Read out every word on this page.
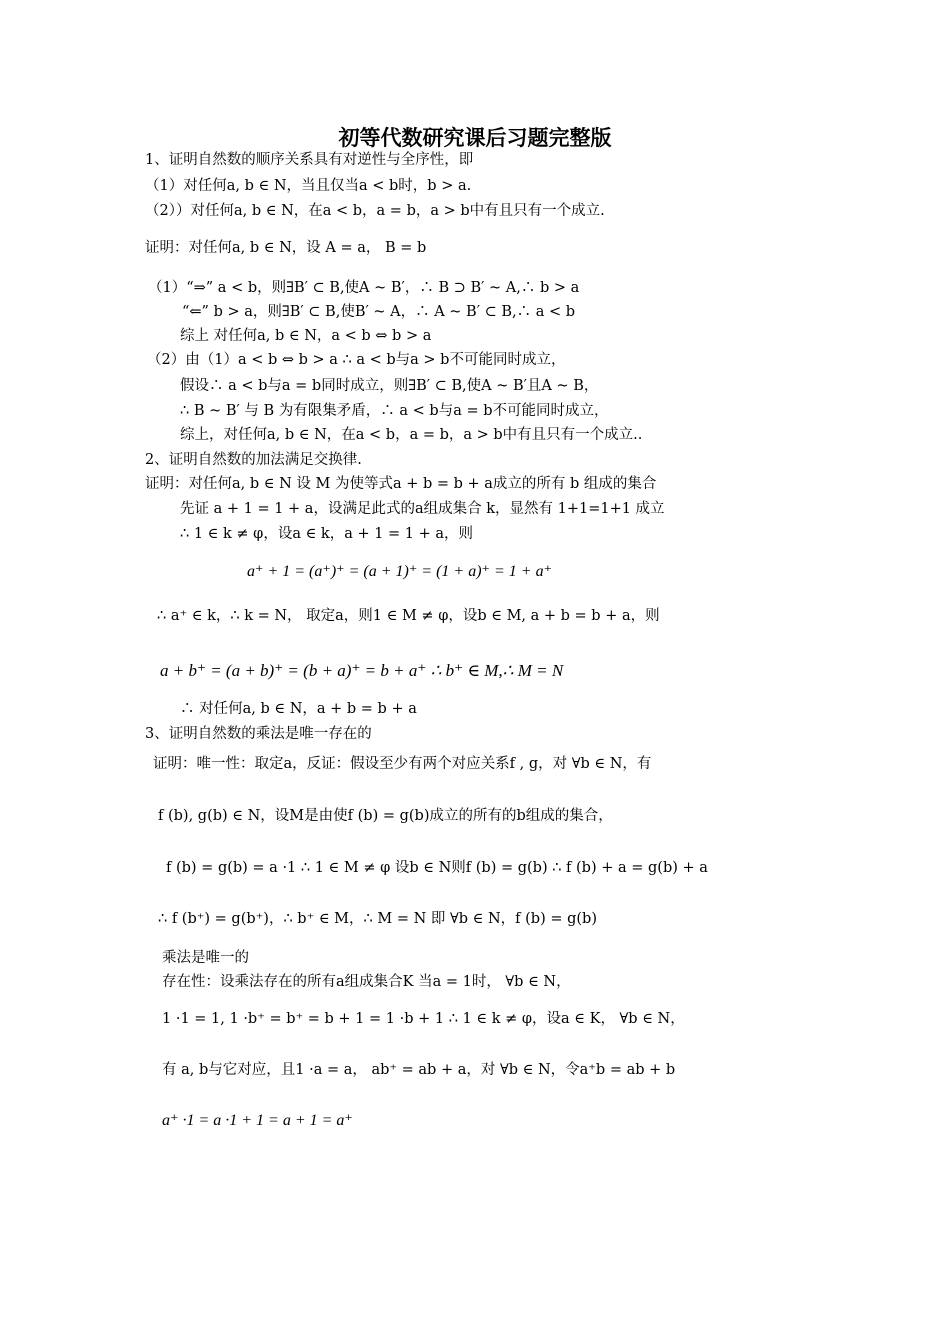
初等代数研究课后习题完整版
1、证明自然数的顺序关系具有对逆性与全序性，即
（1）对任何a, b ∈ N，当且仅当a < b时，b > a.
（2））对任何a, b ∈ N，在a < b，a = b，a > b中有且只有一个成立.
证明：对任何a, b ∈ N，设 A = a， B = b
（1）“⇒” a < b，则∃B′ ⊂ B,使A ~ B′，∴ B ⊃ B′ ~ A,∴ b > a
“⇐” b > a，则∃B′ ⊂ B,使B′ ~ A，∴ A ~ B′ ⊂ B,∴ a < b
综上 对任何a, b ∈ N，a < b ⇔ b > a
（2）由（1）a < b ⇔ b > a ∴ a < b与a > b不可能同时成立，
假设∴ a < b与a = b同时成立，则∃B′ ⊂ B,使A ~ B′且A ~ B，
∴ B ~ B′ 与 B 为有限集矛盾，∴ a < b与a = b不可能同时成立，
综上，对任何a, b ∈ N，在a < b，a = b，a > b中有且只有一个成立..
2、证明自然数的加法满足交换律.
证明：对任何a, b ∈ N 设 M 为使等式a + b = b + a成立的所有 b 组成的集合
先证 a + 1 = 1 + a，设满足此式的a组成集合 k，显然有 1+1=1+1 成立
∴ 1 ∈ k ≠ φ，设a ∈ k，a + 1 = 1 + a，则
a⁺ + 1 = (a⁺)⁺ = (a + 1)⁺ = (1 + a)⁺ = 1 + a⁺
∴ a⁺ ∈ k，∴ k = N， 取定a，则1 ∈ M ≠ φ，设b ∈ M, a + b = b + a，则
a + b⁺ = (a + b)⁺ = (b + a)⁺ = b + a⁺ ∴ b⁺ ∈ M,∴ M = N
∴ 对任何a, b ∈ N，a + b = b + a
3、证明自然数的乘法是唯一存在的
证明：唯一性：取定a，反证：假设至少有两个对应关系f , g，对 ∀b ∈ N，有
f (b), g(b) ∈ N，设M是由使f (b) = g(b)成立的所有的b组成的集合，
f (b) = g(b) = a ·1 ∴ 1 ∈ M ≠ φ 设b ∈ N则f (b) = g(b) ∴ f (b) + a = g(b) + a
∴ f (b⁺) = g(b⁺)，∴ b⁺ ∈ M，∴ M = N 即 ∀b ∈ N，f (b) = g(b)
乘法是唯一的
存在性：设乘法存在的所有a组成集合K 当a = 1时， ∀b ∈ N，
1 ·1 = 1, 1 ·b⁺ = b⁺ = b + 1 = 1 ·b + 1 ∴ 1 ∈ k ≠ φ，设a ∈ K， ∀b ∈ N，
有 a, b与它对应，且1 ·a = a， ab⁺ = ab + a，对 ∀b ∈ N，令a⁺b = ab + b
a⁺ ·1 = a ·1 + 1 = a + 1 = a⁺
